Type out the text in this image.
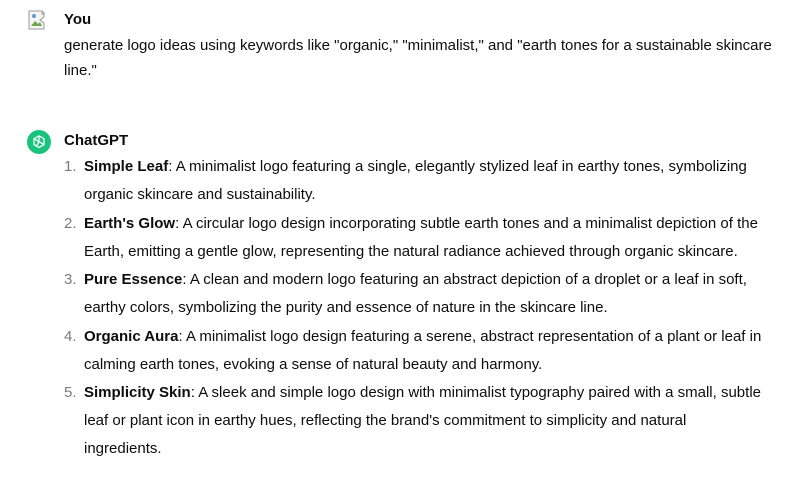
You
generate logo ideas using keywords like "organic," "minimalist," and "earth tones for a sustainable skincare line."
ChatGPT
1. Simple Leaf: A minimalist logo featuring a single, elegantly stylized leaf in earthy tones, symbolizing organic skincare and sustainability.
2. Earth's Glow: A circular logo design incorporating subtle earth tones and a minimalist depiction of the Earth, emitting a gentle glow, representing the natural radiance achieved through organic skincare.
3. Pure Essence: A clean and modern logo featuring an abstract depiction of a droplet or a leaf in soft, earthy colors, symbolizing the purity and essence of nature in the skincare line.
4. Organic Aura: A minimalist logo design featuring a serene, abstract representation of a plant or leaf in calming earth tones, evoking a sense of natural beauty and harmony.
5. Simplicity Skin: A sleek and simple logo design with minimalist typography paired with a small, subtle leaf or plant icon in earthy hues, reflecting the brand's commitment to simplicity and natural ingredients.
